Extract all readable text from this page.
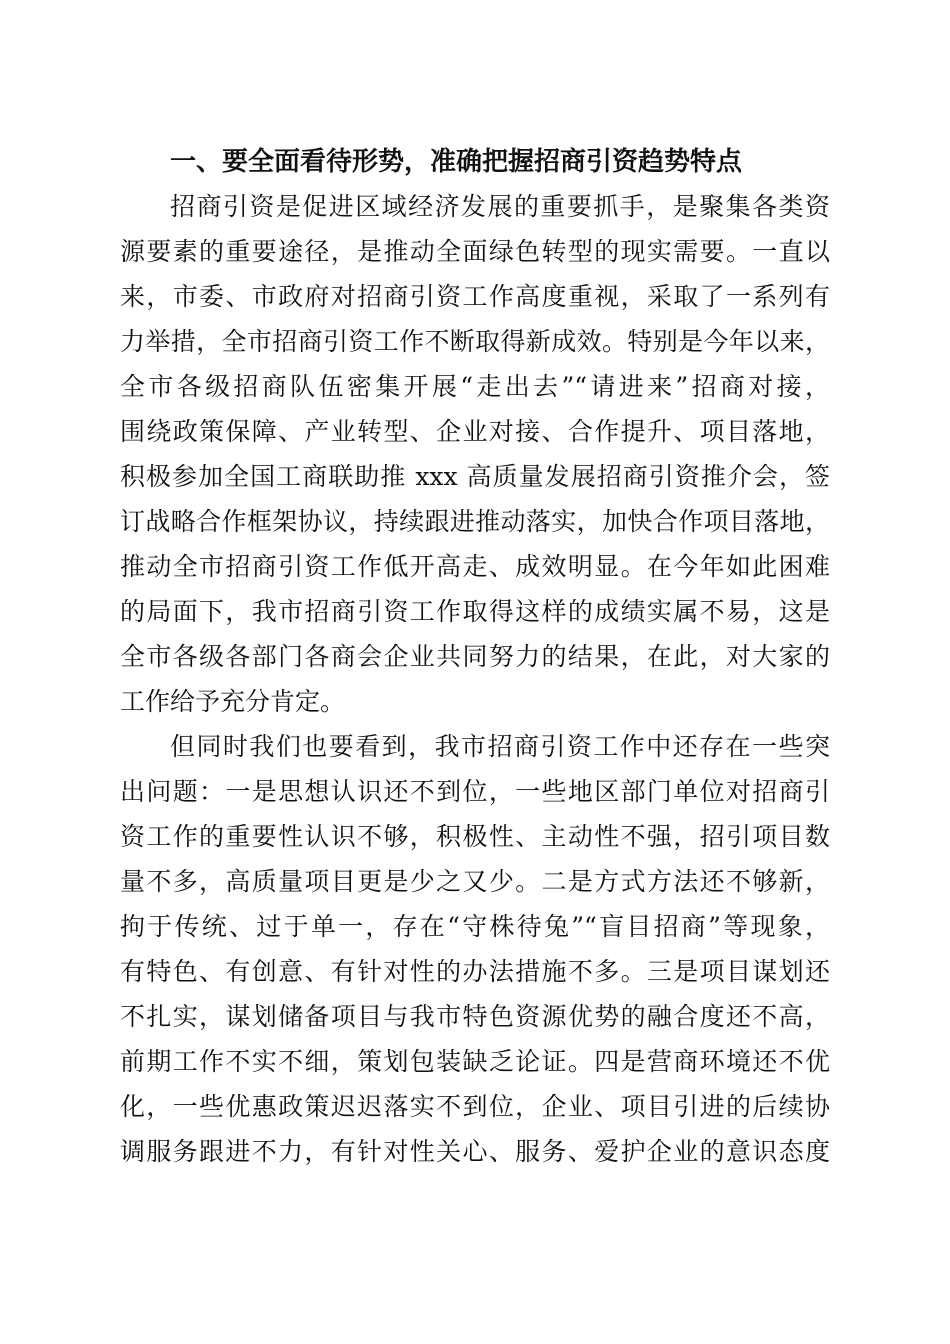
一、要全面看待形势，准确把握招商引资趋势特点

招商引资是促进区域经济发展的重要抓手，是聚集各类资

源要素的重要途径，是推动全面绿色转型的现实需要。一直以

来，市委、市政府对招商引资工作高度重视，采取了一系列有

力举措，全市招商引资工作不断取得新成效。特别是今年以来，

全市各级招商队伍密集开展“走出去”“请进来”招商对接，

围绕政策保障、产业转型、企业对接、合作提升、项目落地，

积极参加全国工商联助推 xxx 高质量发展招商引资推介会，签

订战略合作框架协议，持续跟进推动落实，加快合作项目落地，

推动全市招商引资工作低开高走、成效明显。在今年如此困难

的局面下，我市招商引资工作取得这样的成绩实属不易，这是

全市各级各部门各商会企业共同努力的结果，在此，对大家的

工作给予充分肯定。

但同时我们也要看到，我市招商引资工作中还存在一些突

出问题：一是思想认识还不到位，一些地区部门单位对招商引

资工作的重要性认识不够，积极性、主动性不强，招引项目数

量不多，高质量项目更是少之又少。二是方式方法还不够新，

拘于传统、过于单一，存在“守株待兔”“盲目招商”等现象，

有特色、有创意、有针对性的办法措施不多。三是项目谋划还

不扎实，谋划储备项目与我市特色资源优势的融合度还不高，

前期工作不实不细，策划包装缺乏论证。四是营商环境还不优

化，一些优惠政策迟迟落实不到位，企业、项目引进的后续协

调服务跟进不力，有针对性关心、服务、爱护企业的意识态度
